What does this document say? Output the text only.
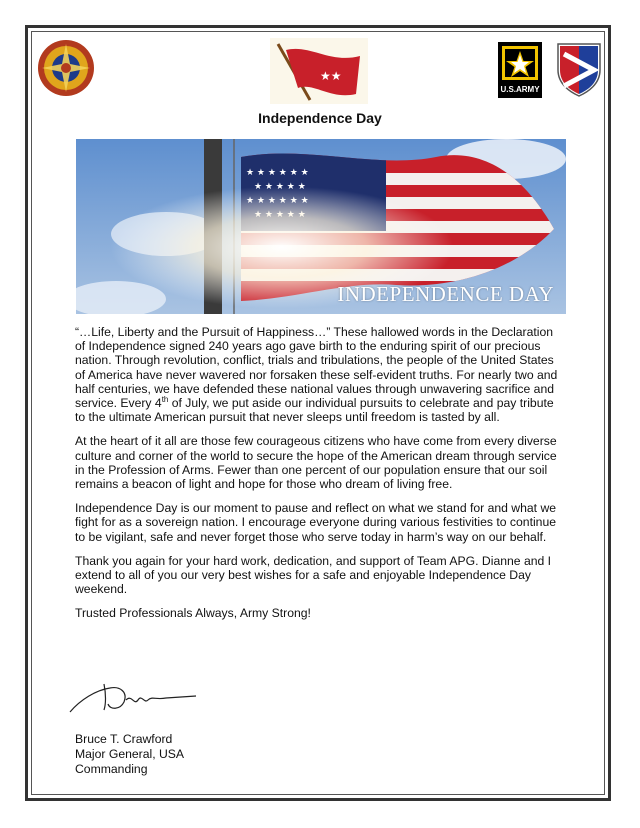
★★
U.S.ARMY
Independence Day
INDEPENDENCE DAY

“…Life, Liberty and the Pursuit of Happiness…” These hallowed words in the Declaration of Independence signed 240 years ago gave birth to the enduring spirit of our precious nation. Through revolution, conflict, trials and tribulations, the people of the United States of America have never wavered nor forsaken these self-evident truths. For nearly two and half centuries, we have defended these national values through unwavering sacrifice and service. Every 4th of July, we put aside our individual pursuits to celebrate and pay tribute to the ultimate American pursuit that never sleeps until freedom is tasted by all.

At the heart of it all are those few courageous citizens who have come from every diverse culture and corner of the world to secure the hope of the American dream through service in the Profession of Arms. Fewer than one percent of our population ensure that our soil remains a beacon of light and hope for those who dream of living free.

Independence Day is our moment to pause and reflect on what we stand for and what we fight for as a sovereign nation. I encourage everyone during various festivities to continue to be vigilant, safe and never forget those who serve today in harm’s way on our behalf.

Thank you again for your hard work, dedication, and support of Team APG. Dianne and I extend to all of you our very best wishes for a safe and enjoyable Independence Day weekend.

Trusted Professionals Always, Army Strong!

Bruce T. Crawford
Major General, USA
Commanding
